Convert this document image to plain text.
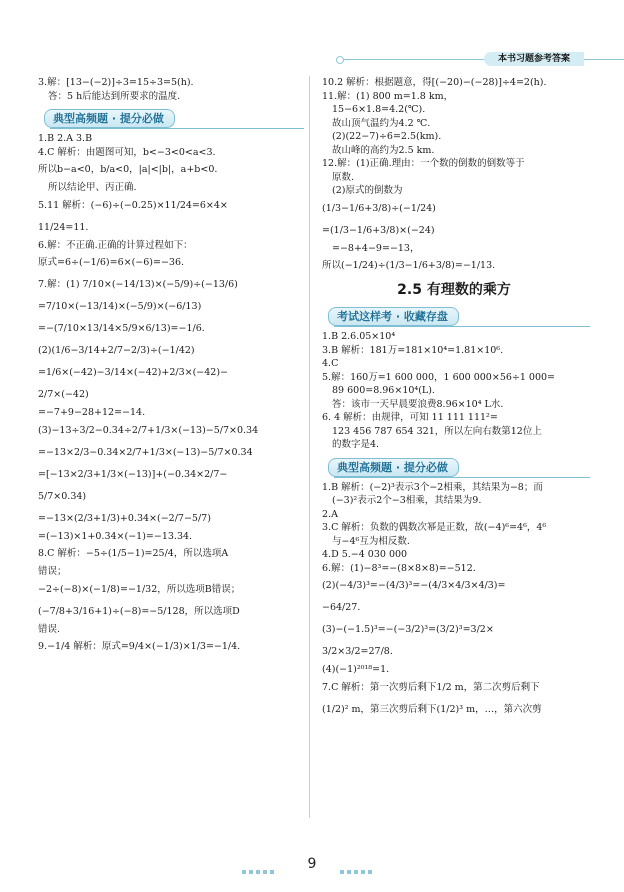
本书习题参考答案
3.解：[13−(−2)]÷3=15÷3=5(h).
答：5 h后能达到所要求的温度.
典型高频题 · 提分必做
1.B 2.A 3.B
4.C 解析：由题图可知，b<−3<0<a<3.
所以b−a<0，b/a<0，|a|<|b|，a+b<0.
所以结论甲、丙正确.
5.11 解析：(−6)÷(−0.25)×11/24=6×4×
11/24=11.
6.解：不正确.正确的计算过程如下：
原式=6÷(−1/6)=6×(−6)=−36.
7.解：(1) 7/10×(−14/13)×(−5/9)÷(−13/6)
=7/10×(−13/14)×(−5/9)×(−6/13)
=−(7/10×13/14×5/9×6/13)=−1/6.
(2)(1/6−3/14+2/7−2/3)÷(−1/42)
=1/6×(−42)−3/14×(−42)+2/3×(−42)−
2/7×(−42)
=−7+9−28+12=−14.
(3)−13÷3/2−0.34÷2/7+1/3×(−13)−5/7×0.34
=−13×2/3−0.34×2/7+1/3×(−13)−5/7×0.34
=[−13×2/3+1/3×(−13)]+(−0.34×2/7−
5/7×0.34)
=−13×(2/3+1/3)+0.34×(−2/7−5/7)
=(−13)×1+0.34×(−1)=−13.34.
8.C 解析：−5÷(1/5−1)=25/4，所以选项A
错误；
−2÷(−8)×(−1/8)=−1/32，所以选项B错误；
(−7/8+3/16+1)÷(−8)=−5/128，所以选项D
错误.
9.−1/4 解析：原式=9/4×(−1/3)×1/3=−1/4.
10.2 解析：根据题意，得[(−20)−(−28)]÷4=2(h).
11.解：(1) 800 m=1.8 km，
15−6×1.8=4.2(℃).
故山顶气温约为4.2 ℃.
(2)(22−7)÷6=2.5(km).
故山峰的高约为2.5 km.
12.解：(1)正确.理由：一个数的倒数的倒数等于
原数.
(2)原式的倒数为
(1/3−1/6+3/8)÷(−1/24)
=(1/3−1/6+3/8)×(−24)
=−8+4−9=−13，
所以(−1/24)÷(1/3−1/6+3/8)=−1/13.
2.5 有理数的乘方
考试这样考 · 收藏存盘
1.B 2.6.05×10⁴
3.B 解析：181万=181×10⁴=1.81×10⁶.
4.C
5.解：160万=1 600 000，1 600 000×56÷1 000=
89 600=8.96×10⁴(L).
答：该市一天早晨要浪费8.96×10⁴ L水.
6. 4 解析：由规律，可知 11 111 111²=
123 456 787 654 321，所以左向右数第12位上
的数字是4.
典型高频题 · 提分必做
1.B 解析：(−2)³表示3个−2相乘，其结果为−8；而
(−3)²表示2个−3相乘，其结果为9.
2.A
3.C 解析：负数的偶数次幂是正数，故(−4)⁶=4⁶，4⁶
与−4⁶互为相反数.
4.D 5.−4 030 000
6.解：(1)−8³=−(8×8×8)=−512.
(2)(−4/3)³=−(4/3)³=−(4/3×4/3×4/3)=
−64/27.
(3)−(−1.5)³=−(−3/2)³=(3/2)³=3/2×
3/2×3/2=27/8.
(4)(−1)²⁰¹⁸=1.
7.C 解析：第一次剪后剩下1/2 m，第二次剪后剩下
(1/2)² m，第三次剪后剩下(1/2)³ m，…，第六次剪
9
